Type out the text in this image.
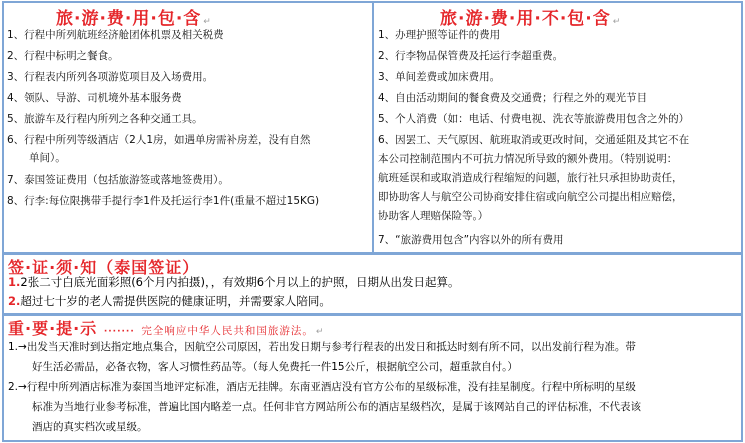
旅·游·费·用·包·含 ↵
1、行程中所列航班经济舱团体机票及相关税费
2、行程中标明之餐食。
3、行程表内所列各项游览项目及入场费用。
4、领队、导游、司机境外基本服务费
5、旅游车及行程内所列之各种交通工具。
6、行程中所列等级酒店（2人1房，如遇单房需补房差，没有自然
单间）。
7、泰国签证费用（包括旅游签或落地签费用）。
8、行李:每位限携带手提行李1件及托运行李1件(重量不超过15KG)
旅·游·费·用·不·包·含 ↵
1、办理护照等证件的费用
2、行李物品保管费及托运行李超重费。
3、单间差费或加床费用。
4、自由活动期间的餐食费及交通费；行程之外的观光节目
5、个人消费（如：电话、付费电视、洗衣等旅游费用包含之外的）
6、因罢工、天气原因、航班取消或更改时间，交通延阻及其它不在
本公司控制范围内不可抗力情况所导致的额外费用。（特别说明：
航班延误和或取消造成行程缩短的问题，旅行社只承担协助责任，
即协助客人与航空公司协商安排住宿或向航空公司提出相应赔偿，
协助客人理赔保险等。）
7、“旅游费用包含”内容以外的所有费用
签·证·须·知（泰国签证）
1.2张二寸白底光面彩照(6个月内拍摄)，，有效期6个月以上的护照，日期从出发日起算。
2.超过七十岁的老人需提供医院的健康证明，并需要家人陪同。
重·要·提·示 ······· 完全响应中华人民共和国旅游法。 ↵
1.→出发当天准时到达指定地点集合，因航空公司原因，若出发日期与参考行程表的出发日和抵达时刻有所不同，以出发前行程为准。带
好生活必需品，必备衣物，客人习惯性药品等。（每人免费托一件15公斤，根据航空公司，超重款自付。）
2.→行程中所列酒店标准为泰国当地评定标准，酒店无挂牌。东南亚酒店没有官方公布的星级标准，没有挂星制度。行程中所标明的星级
标准为当地行业参考标准，普遍比国内略差一点。任何非官方网站所公布的酒店星级档次，是属于该网站自己的评估标准，不代表该
酒店的真实档次或星级。
